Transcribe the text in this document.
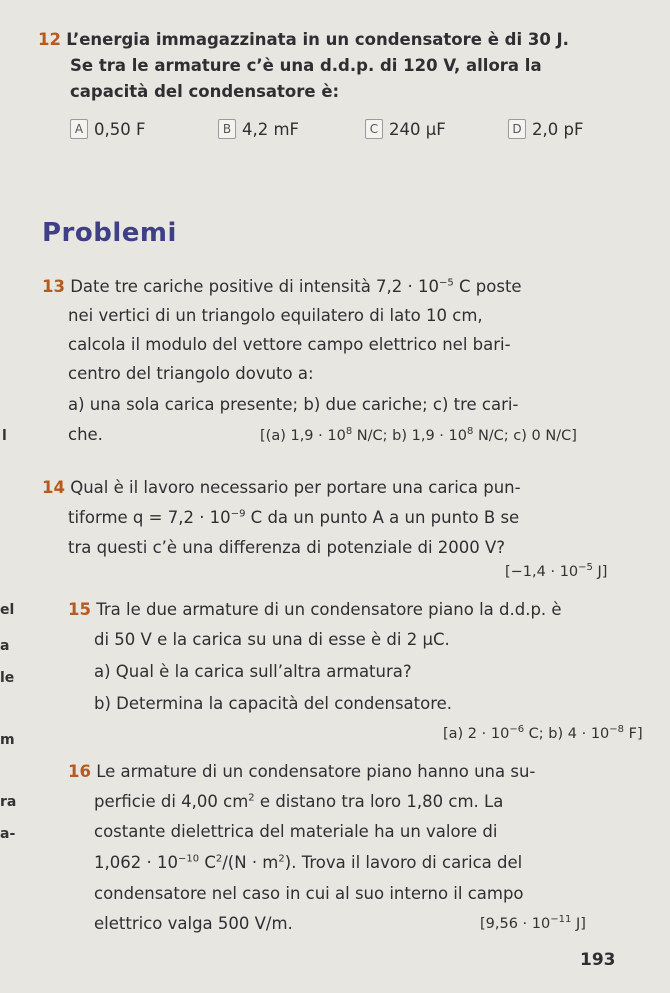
12 L’energia immagazzinata in un condensatore è di 30 J.
Se tra le armature c’è una d.d.p. di 120 V, allora la
capacità del condensatore è:
A 0,50 F	B 4,2 mF	C 240 μF	D 2,0 pF
Problemi
13 Date tre cariche positive di intensità $7,2 \cdot 10^{-5}$ C poste
nei vertici di un triangolo equilatero di lato 10 cm,
calcola il modulo del vettore campo elettrico nel bari-
centro del triangolo dovuto a:
a) una sola carica presente; b) due cariche; c) tre cari-
che.	[(a) $1,9 \cdot 10^8$ N/C; b) $1,9 \cdot 10^8$ N/C; c) 0 N/C]
14 Qual è il lavoro necessario per portare una carica pun-
tiforme $q = 7,2 \cdot 10^{-9}$ C da un punto A a un punto B se
tra questi c’è una differenza di potenziale di 2000 V?
[$-1,4 \cdot 10^{-5}$ J]
15 Tra le due armature di un condensatore piano la d.d.p. è
di 50 V e la carica su una di esse è di 2 μC.
a) Qual è la carica sull’altra armatura?
b) Determina la capacità del condensatore.
[a) $2 \cdot 10^{-6}$ C; b) $4 \cdot 10^{-8}$ F]
16 Le armature di un condensatore piano hanno una su-
perficie di 4,00 $cm^2$ e distano tra loro 1,80 cm. La
costante dielettrica del materiale ha un valore di
$1,062 \cdot 10^{-10}$ $C^2/(N \cdot m^2)$. Trova il lavoro di carica del
condensatore nel caso in cui al suo interno il campo
elettrico valga 500 V/m.	[$9,56 \cdot 10^{-11}$ J]
l
el
a
le
m
ra
a-
193
